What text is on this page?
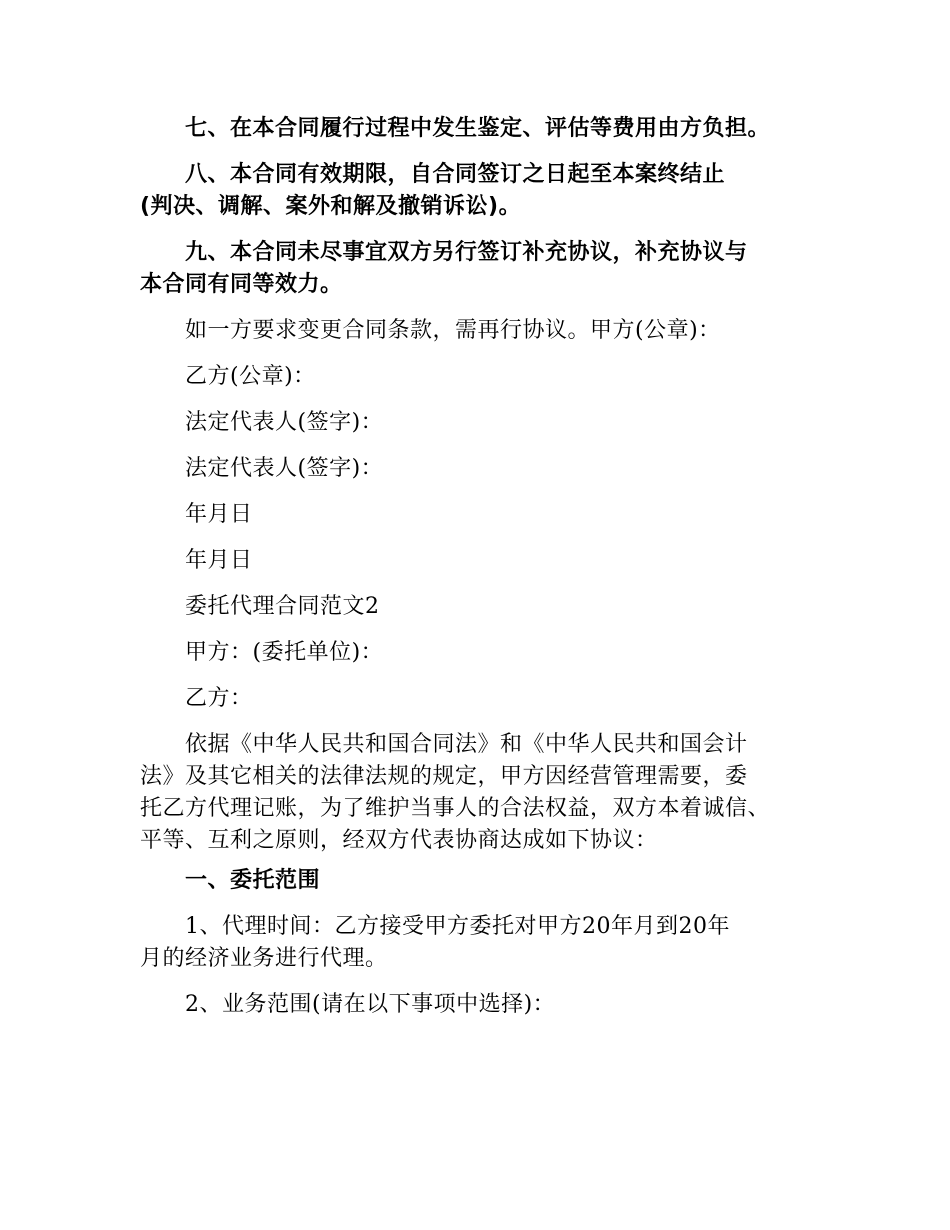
七、在本合同履行过程中发生鉴定、评估等费用由方负担。
八、本合同有效期限，自合同签订之日起至本案终结止
(判决、调解、案外和解及撤销诉讼)。
九、本合同未尽事宜双方另行签订补充协议，补充协议与
本合同有同等效力。
如一方要求变更合同条款，需再行协议。甲方(公章)：
乙方(公章)：
法定代表人(签字)：
法定代表人(签字)：
年月日
年月日
委托代理合同范文2
甲方：(委托单位)：
乙方：
依据《中华人民共和国合同法》和《中华人民共和国会计
法》及其它相关的法律法规的规定，甲方因经营管理需要，委
托乙方代理记账，为了维护当事人的合法权益，双方本着诚信、
平等、互利之原则，经双方代表协商达成如下协议：
一、委托范围
1、代理时间：乙方接受甲方委托对甲方20年月到20年
月的经济业务进行代理。
2、业务范围(请在以下事项中选择)：
